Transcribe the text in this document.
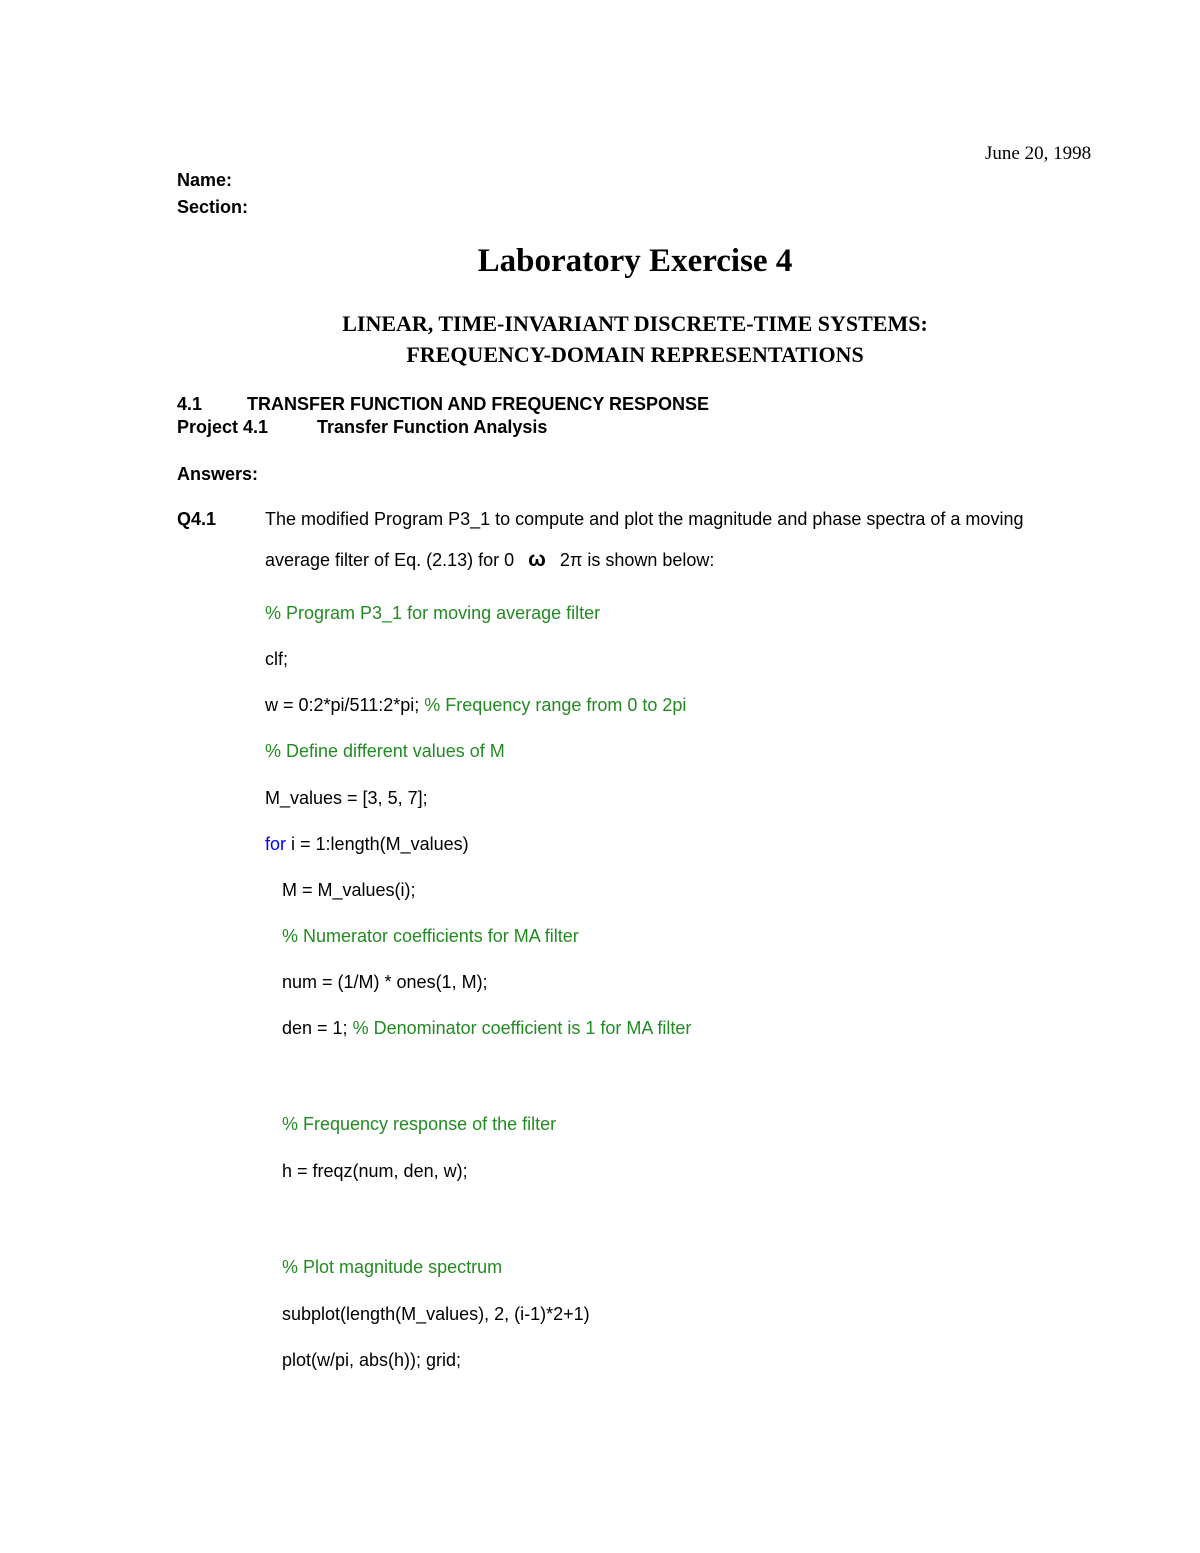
June 20, 1998
Name:
Section:
Laboratory Exercise 4
LINEAR, TIME-INVARIANT DISCRETE-TIME SYSTEMS:
FREQUENCY-DOMAIN REPRESENTATIONS
4.1 TRANSFER FUNCTION AND FREQUENCY RESPONSE
Project 4.1	Transfer Function Analysis
Answers:
Q4.1	The modified Program P3_1 to compute and plot the magnitude and phase spectra of a moving
average filter of Eq. (2.13) for 0 ω 2π is shown below:
% Program P3_1 for moving average filter
clf;
w = 0:2*pi/511:2*pi; % Frequency range from 0 to 2pi
% Define different values of M
M_values = [3, 5, 7];
for i = 1:length(M_values)
M = M_values(i);
% Numerator coefficients for MA filter
num = (1/M) * ones(1, M);
den = 1; % Denominator coefficient is 1 for MA filter
% Frequency response of the filter
h = freqz(num, den, w);
% Plot magnitude spectrum
subplot(length(M_values), 2, (i-1)*2+1)
plot(w/pi, abs(h)); grid;
